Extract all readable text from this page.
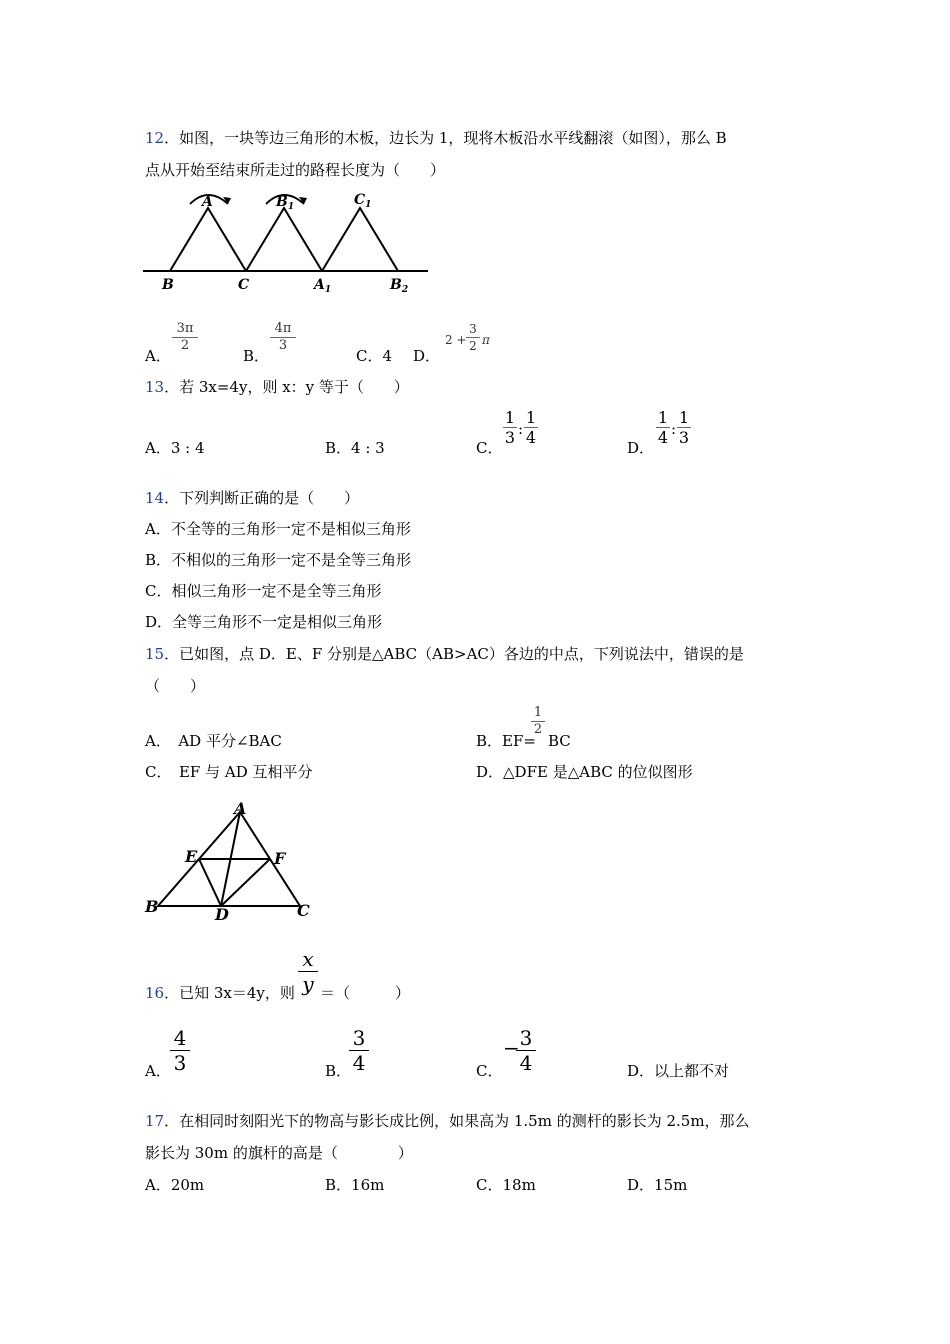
12．如图，一块等边三角形的木板，边长为 1，现将木板沿水平线翻滚（如图），那么 B
点从开始至结束所走过的路程长度为（　　）
A	$B_1$	$C_1$
B	C	$A_1$	$B_2$
A．
3π
2
B．
4π
3
C．4 D．
2 +
3
2 π
13．若 3x=4y，则 x：y 等于（　　）
A．3 : 4	B．4 : 3	C．
1
3 :
1
4
D．
1
4 :
1
3
14．下列判断正确的是（　　）
A．不全等的三角形一定不是相似三角形
B．不相似的三角形一定不是全等三角形
C．相似三角形一定不是全等三角形
D．全等三角形不一定是相似三角形
15．已如图，点 D．E、F 分别是△ABC（AB>AC）各边的中点，下列说法中，错误的是
（　　）
A．　AD 平分∠BAC	B．EF=
1
2
BC
C．　EF 与 AD 互相平分	D．△DFE 是△ABC 的位似图形
A
B	C
D
E	F
16．已知 3x＝4y，则
x
y ＝（　　　）
A．
4
3	B．
3
4	C．
− 3
4	D．以上都不对
17．在相同时刻阳光下的物高与影长成比例，如果高为 1.5m 的测杆的影长为 2.5m，那么
影长为 30m 的旗杆的高是（　　　　）
A．20m	B．16m	C．18m	D．15m
